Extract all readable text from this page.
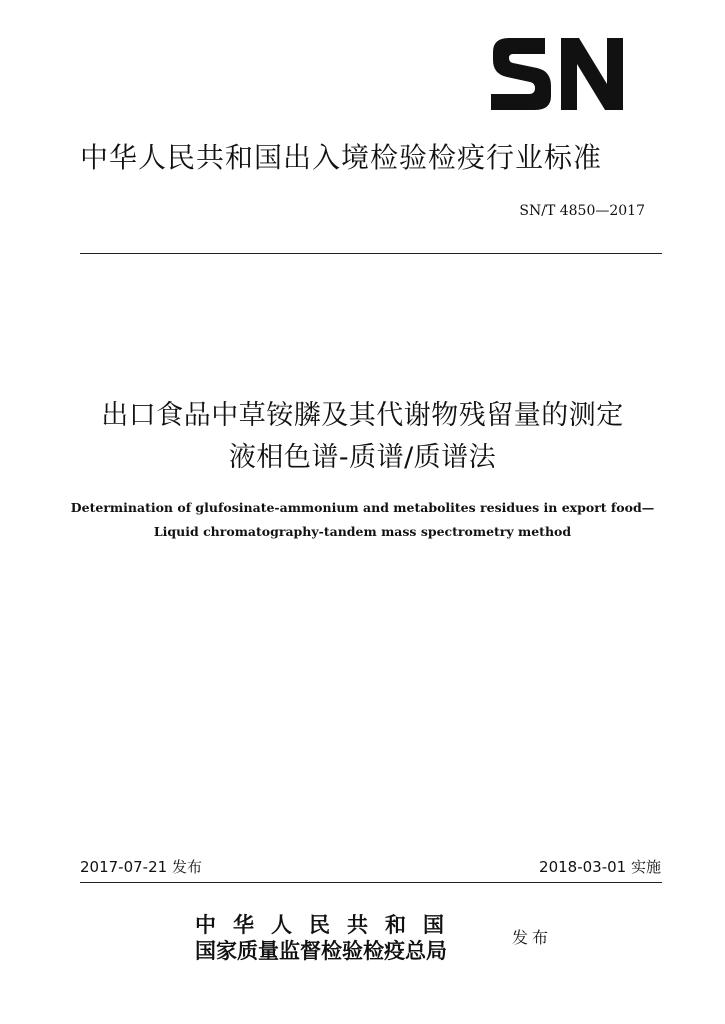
中华人民共和国出入境检验检疫行业标准
SN/T 4850—2017
出口食品中草铵膦及其代谢物残留量的测定
液相色谱-质谱/质谱法
Determination of glufosinate-ammonium and metabolites residues in export food—
Liquid chromatography-tandem mass spectrometry method
2017-07-21 发布	2018-03-01 实施
中华人民共和国
国家质量监督检验检疫总局
发布
